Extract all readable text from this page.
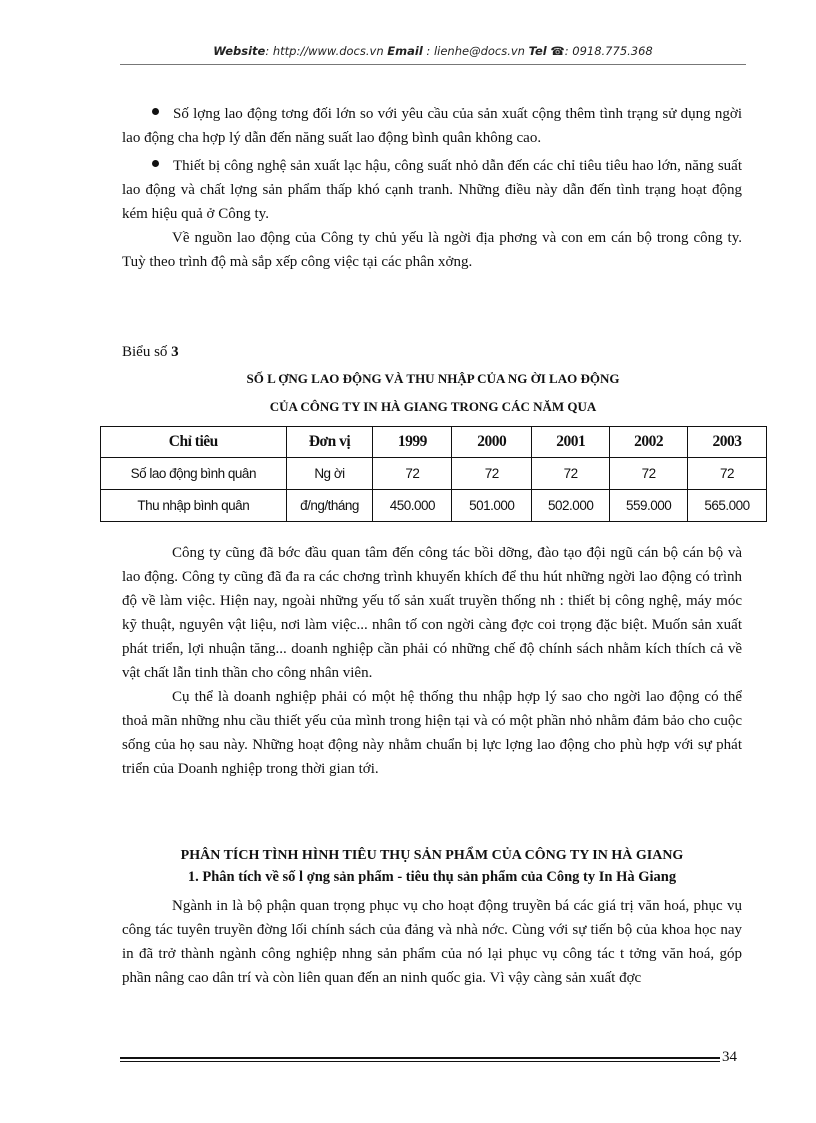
Website: http://www.docs.vn Email : lienhe@docs.vn Tel ☎: 0918.775.368

Số lợng lao động tơng đối lớn so với yêu cầu của sản xuất cộng thêm tình trạng sử dụng ngời lao động cha hợp lý dẫn đến năng suất lao động bình quân không cao.

Thiết bị công nghệ sản xuất lạc hậu, công suất nhỏ dẫn đến các chỉ tiêu tiêu hao lớn, năng suất lao động và chất lợng sản phẩm thấp khó cạnh tranh. Những điều này dẫn đến tình trạng hoạt động kém hiệu quả ở Công ty.

Về nguồn lao động của Công ty chủ yếu là ngời địa phơng và con em cán bộ trong công ty. Tuỳ theo trình độ mà sắp xếp công việc tại các phân xởng.

Biểu số 3
SỐ L ỢNG LAO ĐỘNG VÀ THU NHẬP CỦA NG ỜI LAO ĐỘNG
CỦA CÔNG TY IN HÀ GIANG TRONG CÁC NĂM QUA
Chỉ tiêu	Đơn vị	1999	2000	2001	2002	2003
Số lao động bình quân	Ng ời	72	72	72	72	72
Thu nhập bình quân	đ/ng/tháng	450.000	501.000	502.000	559.000	565.000

Công ty cũng đã bớc đầu quan tâm đến công tác bồi dỡng, đào tạo đội ngũ cán bộ cán bộ và lao động. Công ty cũng đã đa ra các chơng trình khuyến khích để thu hút những ngời lao động có trình độ về làm việc. Hiện nay, ngoài những yếu tố sản xuất truyền thống nh : thiết bị công nghệ, máy móc kỹ thuật, nguyên vật liệu, nơi làm việc... nhân tố con ngời càng đợc coi trọng đặc biệt. Muốn sản xuất phát triển, lợi nhuận tăng... doanh nghiệp cần phải có những chế độ chính sách nhằm kích thích cả về vật chất lẫn tinh thần cho công nhân viên.

Cụ thể là doanh nghiệp phải có một hệ thống thu nhập hợp lý sao cho ngời lao động có thể thoả mãn những nhu cầu thiết yếu của mình trong hiện tại và có một phần nhỏ nhằm đảm bảo cho cuộc sống của họ sau này. Những hoạt động này nhằm chuẩn bị lực lợng lao động cho phù hợp với sự phát triển của Doanh nghiệp trong thời gian tới.

PHÂN TÍCH TÌNH HÌNH TIÊU THỤ SẢN PHẨM CỦA CÔNG TY IN HÀ GIANG
1. Phân tích về số l ợng sản phẩm - tiêu thụ sản phẩm của Công ty In Hà Giang

Ngành in là bộ phận quan trọng phục vụ cho hoạt động truyền bá các giá trị văn hoá, phục vụ công tác tuyên truyền đờng lối chính sách của đảng và nhà nớc. Cùng với sự tiến bộ của khoa học nay in đã trở thành ngành công nghiệp nhng sản phẩm của nó lại phục vụ công tác t tởng văn hoá, góp phần nâng cao dân trí và còn liên quan đến an ninh quốc gia. Vì vậy càng sản xuất đợc

34
